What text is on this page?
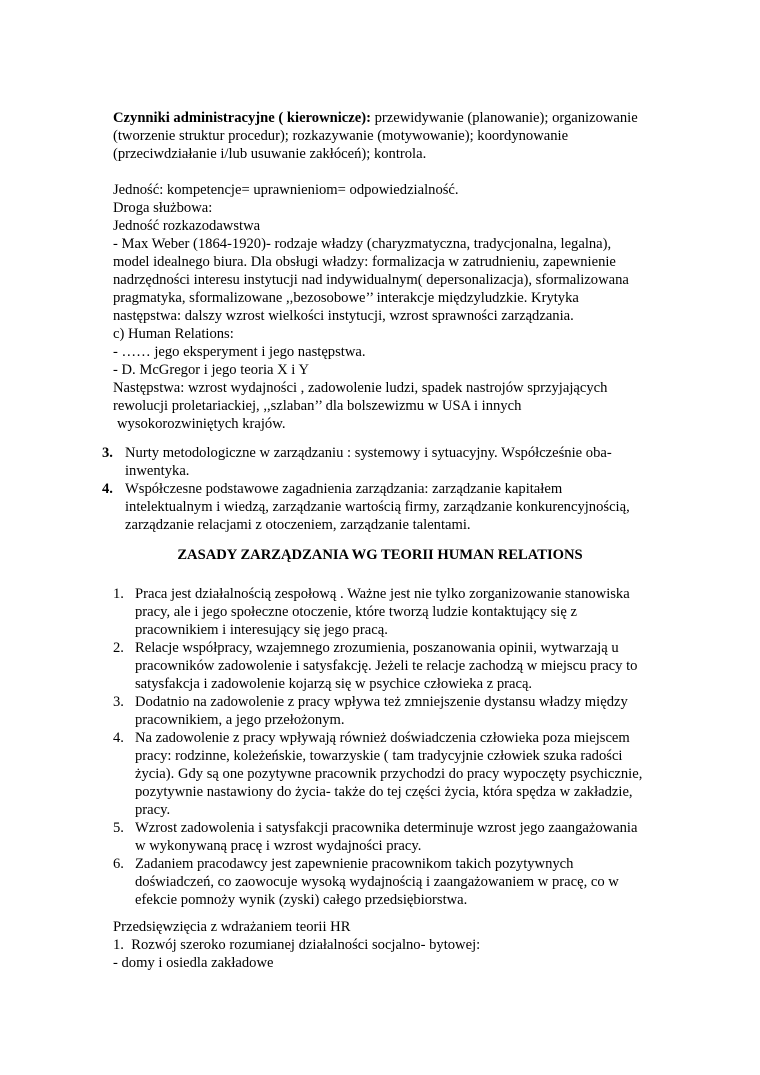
Czynniki administracyjne ( kierownicze): przewidywanie (planowanie); organizowanie

(tworzenie struktur procedur); rozkazywanie (motywowanie); koordynowanie

(przeciwdziałanie i/lub usuwanie zakłóceń); kontrola.

Jedność: kompetencje= uprawnieniom= odpowiedzialność.

Droga służbowa:

Jedność rozkazodawstwa

- Max Weber (1864-1920)- rodzaje władzy (charyzmatyczna, tradycjonalna, legalna),

model idealnego biura. Dla obsługi władzy: formalizacja w zatrudnieniu, zapewnienie

nadrzędności interesu instytucji nad indywidualnym( depersonalizacja), sformalizowana

pragmatyka, sformalizowane ,,bezosobowe’’ interakcje międzyludzkie. Krytyka

następstwa: dalszy wzrost wielkości instytucji, wzrost sprawności zarządzania.

c) Human Relations:

- …… jego eksperyment i jego następstwa.

- D. McGregor i jego teoria X i Y

Następstwa: wzrost wydajności , zadowolenie ludzi, spadek nastrojów sprzyjających

rewolucji proletariackiej, ,,szlaban’’ dla bolszewizmu w USA i innych

wysokorozwiniętych krajów.

3. Nurty metodologiczne w zarządzaniu : systemowy i sytuacyjny. Współcześnie oba-

inwentyka.

4. Współczesne podstawowe zagadnienia zarządzania: zarządzanie kapitałem

intelektualnym i wiedzą, zarządzanie wartością firmy, zarządzanie konkurencyjnością,

zarządzanie relacjami z otoczeniem, zarządzanie talentami.

ZASADY ZARZĄDZANIA WG TEORII HUMAN RELATIONS
1. Praca jest działalnością zespołową . Ważne jest nie tylko zorganizowanie stanowiska

pracy, ale i jego społeczne otoczenie, które tworzą ludzie kontaktujący się z

pracownikiem i interesujący się jego pracą.

2. Relacje współpracy, wzajemnego zrozumienia, poszanowania opinii, wytwarzają u

pracowników zadowolenie i satysfakcję. Jeżeli te relacje zachodzą w miejscu pracy to

satysfakcja i zadowolenie kojarzą się w psychice człowieka z pracą.

3. Dodatnio na zadowolenie z pracy wpływa też zmniejszenie dystansu władzy między

pracownikiem, a jego przełożonym.

4. Na zadowolenie z pracy wpływają również doświadczenia człowieka poza miejscem

pracy: rodzinne, koleżeńskie, towarzyskie ( tam tradycyjnie człowiek szuka radości

życia). Gdy są one pozytywne pracownik przychodzi do pracy wypoczęty psychicznie,

pozytywnie nastawiony do życia- także do tej części życia, która spędza w zakładzie,

pracy.

5. Wzrost zadowolenia i satysfakcji pracownika determinuje wzrost jego zaangażowania

w wykonywaną pracę i wzrost wydajności pracy.

6. Zadaniem pracodawcy jest zapewnienie pracownikom takich pozytywnych

doświadczeń, co zaowocuje wysoką wydajnością i zaangażowaniem w pracę, co w

efekcie pomnoży wynik (zyski) całego przedsiębiorstwa.

Przedsięwzięcia z wdrażaniem teorii HR

1. Rozwój szeroko rozumianej działalności socjalno- bytowej:

- domy i osiedla zakładowe
